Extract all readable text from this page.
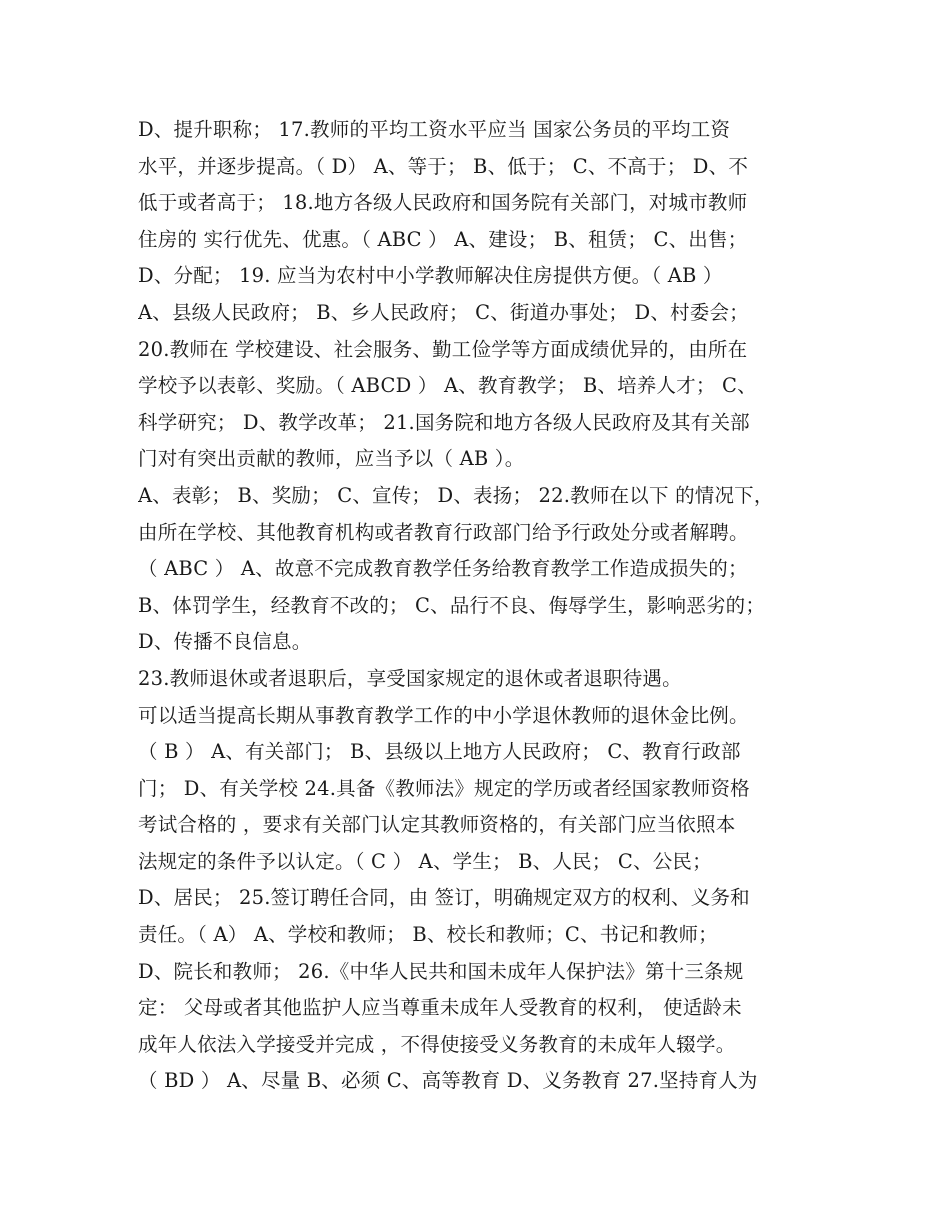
D、提升职称； 17.教师的平均工资水平应当 国家公务员的平均工资
水平，并逐步提高。（ D） A、等于； B、低于； C、不高于； D、不
低于或者高于； 18.地方各级人民政府和国务院有关部门，对城市教师
住房的 实行优先、优惠。（ ABC ） A、建设； B、租赁； C、出售；
D、分配； 19. 应当为农村中小学教师解决住房提供方便。（ AB ）
A、县级人民政府； B、乡人民政府； C、街道办事处； D、村委会；
20.教师在 学校建设、社会服务、勤工俭学等方面成绩优异的，由所在
学校予以表彰、奖励。（ ABCD ） A、教育教学； B、培养人才； C、
科学研究； D、教学改革； 21.国务院和地方各级人民政府及其有关部
门对有突出贡献的教师，应当予以（ AB ）。
A、表彰； B、奖励； C、宣传； D、表扬； 22.教师在以下 的情况下，
由所在学校、其他教育机构或者教育行政部门给予行政处分或者解聘。
（ ABC ） A、故意不完成教育教学任务给教育教学工作造成损失的；
B、体罚学生，经教育不改的； C、品行不良、侮辱学生，影响恶劣的；
D、传播不良信息。
23.教师退休或者退职后，享受国家规定的退休或者退职待遇。
可以适当提高长期从事教育教学工作的中小学退休教师的退休金比例。
（ B ） A、有关部门； B、县级以上地方人民政府； C、教育行政部
门； D、有关学校 24.具备《教师法》规定的学历或者经国家教师资格
考试合格的 ，要求有关部门认定其教师资格的，有关部门应当依照本
法规定的条件予以认定。（ C ） A、学生； B、人民； C、公民；
D、居民； 25.签订聘任合同，由 签订，明确规定双方的权利、义务和
责任。（ A） A、学校和教师； B、校长和教师；C、书记和教师；
D、院长和教师； 26.《中华人民共和国未成年人保护法》第十三条规
定： 父母或者其他监护人应当尊重未成年人受教育的权利， 使适龄未
成年人依法入学接受并完成 ，不得使接受义务教育的未成年人辍学。
（ BD ） A、尽量 B、必须 C、高等教育 D、义务教育 27.坚持育人为
